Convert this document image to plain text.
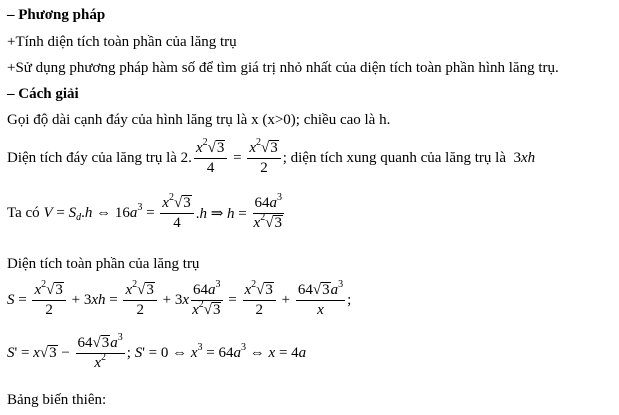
– Phương pháp
+Tính diện tích toàn phần của lăng trụ
+Sử dụng phương pháp hàm số để tìm giá trị nhỏ nhất của diện tích toàn phần hình lăng trụ.
– Cách giải
Gọi độ dài cạnh đáy của hình lăng trụ là x (x>0); chiều cao là h.
Diện tích đáy của lăng trụ là 2. $\frac{x^2√3}{4} = \frac{x^2√3}{2}$ ; diện tích xung quanh của lăng trụ là 3xh
Ta có $V = S_d.h$ ⇔ $16a^3 = \frac{x^2√3}{4} .h$ ⇒ $h = \frac{64a^3}{x^2√3}$
Diện tích toàn phần của lăng trụ
$S = \frac{x^2√3}{2} + 3xh = \frac{x^2√3}{2} + 3x \frac{64a^3}{x^2√3} = \frac{x^2√3}{2} + \frac{64√3a^3}{x}$ ;
$S' = x√3 - \frac{64√3a^3}{x^2}$ ; S' = 0 ⇔ $x^3 = 64a^3$ ⇔ x = 4a
Bảng biến thiên:
